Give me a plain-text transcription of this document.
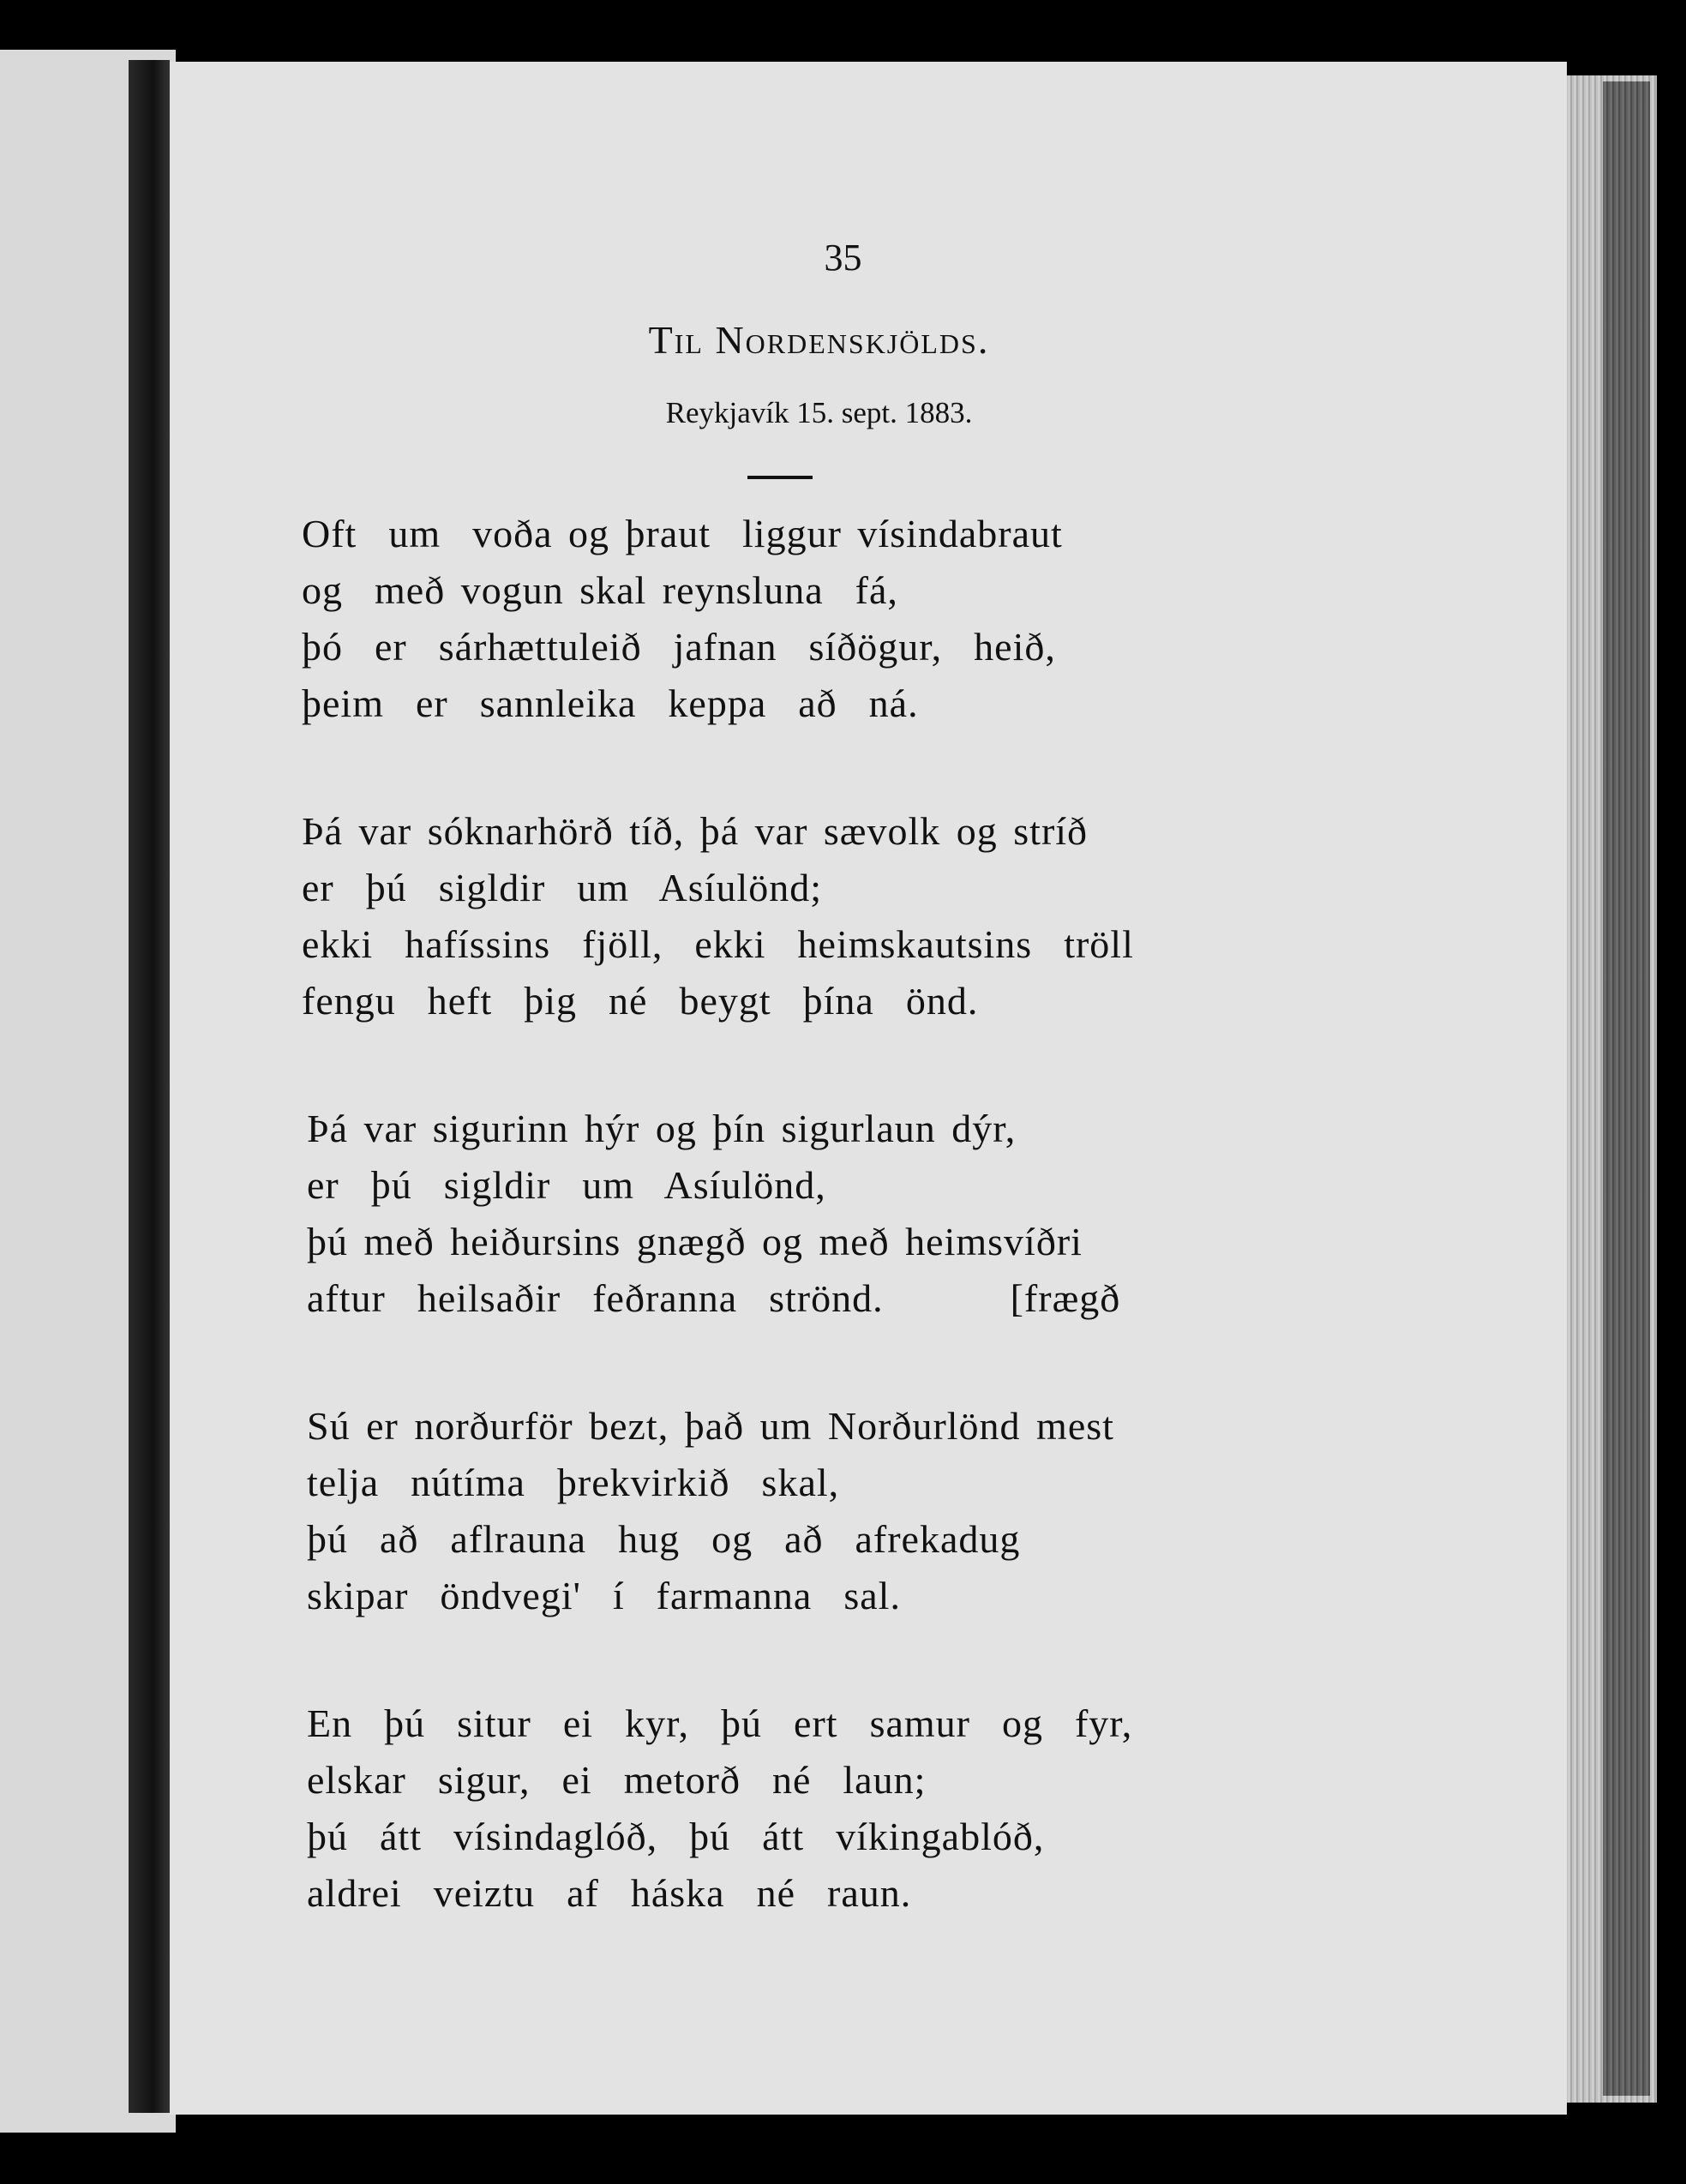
35
Til Nordenskjölds.
Reykjavík 15. sept. 1883.
Oft  um  voða og þraut  liggur vísindabraut
og  með vogun skal reynsluna  fá,
þó  er  sárhættuleið  jafnan  síðögur,  heið,
þeim  er  sannleika  keppa  að  ná.
Þá var sóknarhörð tíð, þá var sævolk og stríð
er  þú  sigldir  um  Asíulönd;
ekki  hafíssins  fjöll,  ekki  heimskautsins  tröll
fengu  heft  þig  né  beygt  þína  önd.
Þá var sigurinn hýr og þín sigurlaun dýr,
er  þú  sigldir  um  Asíulönd,
þú með heiðursins gnægð og með heimsvíðri
aftur  heilsaðir  feðranna  strönd.        [frægð
Sú er norðurför bezt, það um Norðurlönd mest
telja  nútíma  þrekvirkið  skal,
þú  að  aflrauna  hug  og  að  afrekadug
skipar  öndvegi'  í  farmanna  sal.
En  þú  situr  ei  kyr,  þú  ert  samur  og  fyr,
elskar  sigur,  ei  metorð  né  laun;
þú  átt  vísindaglóð,  þú  átt  víkingablóð,
aldrei  veiztu  af  háska  né  raun.
